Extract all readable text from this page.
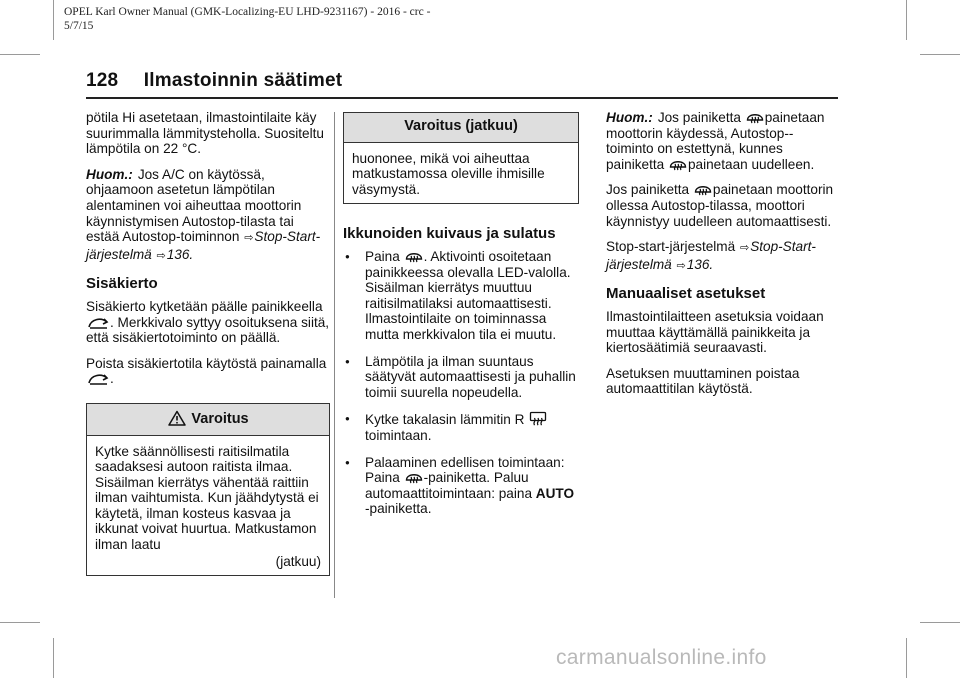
OPEL Karl Owner Manual (GMK-Localizing-EU LHD-9231167) - 2016 - crc -
5/7/15
128 Ilmastoinnin säätimet

pötila Hi asetetaan, ilmastointilaite käy suurimmalla lämmitysteholla. Suositeltu lämpötila on 22 °C.

Huom.: Jos A/C on käytössä, ohjaamoon asetetun lämpötilan alentaminen voi aiheuttaa moottorin käynnistymisen Autostop-tilasta tai estää Autostop-toiminnon ⇨Stop-Start-järjestelmä ⇨136.

Sisäkierto

Sisäkierto kytketään päälle painikkeella . Merkkivalo syttyy osoituksena siitä, että sisäkiertotoiminto on päällä.

Poista sisäkiertotila käytöstä painamalla .

Varoitus
Kytke säännöllisesti raitisilmatila saadaksesi autoon raitista ilmaa. Sisäilman kierrätys vähentää raittiin ilman vaihtumista. Kun jäähdytystä ei käytetä, ilman kosteus kasvaa ja ikkunat voivat huurtua. Matkustamon ilman laatu
(jatkuu)
Varoitus (jatkuu)
huononee, mikä voi aiheuttaa matkustamossa oleville ihmisille väsymystä.
Ikkunoiden kuivaus ja sulatus
● Paina . Aktivointi osoitetaan painikkeessa olevalla LED-valolla. Sisäilman kierrätys muuttuu raitisilmatilaksi automaattisesti. Ilmastointilaite on toiminnassa mutta merkkivalon tila ei muutu.
● Lämpötila ja ilman suuntaus säätyvät automaattisesti ja puhallin toimii suurella nopeudella.
● Kytke takalasin lämmitin R
toimintaan.
● Palaaminen edellisen toimintaan: Paina -painiketta. Paluu automaattitoimintaan: paina AUTO -painiketta.

Huom.: Jos painiketta painetaan moottorin käydessä, Autostop-- toiminto on estettynä, kunnes painiketta painetaan uudelleen.

Jos painiketta painetaan moottorin ollessa Autostop-tilassa, moottori käynnistyy uudelleen automaattisesti.

Stop-start-järjestelmä ⇨Stop-Start-järjestelmä ⇨136.

Manuaaliset asetukset

Ilmastointilaitteen asetuksia voidaan muuttaa käyttämällä painikkeita ja kiertosäätimiä seuraavasti.

Asetuksen muuttaminen poistaa automaattitilan käytöstä.

carmanualsonline.info
